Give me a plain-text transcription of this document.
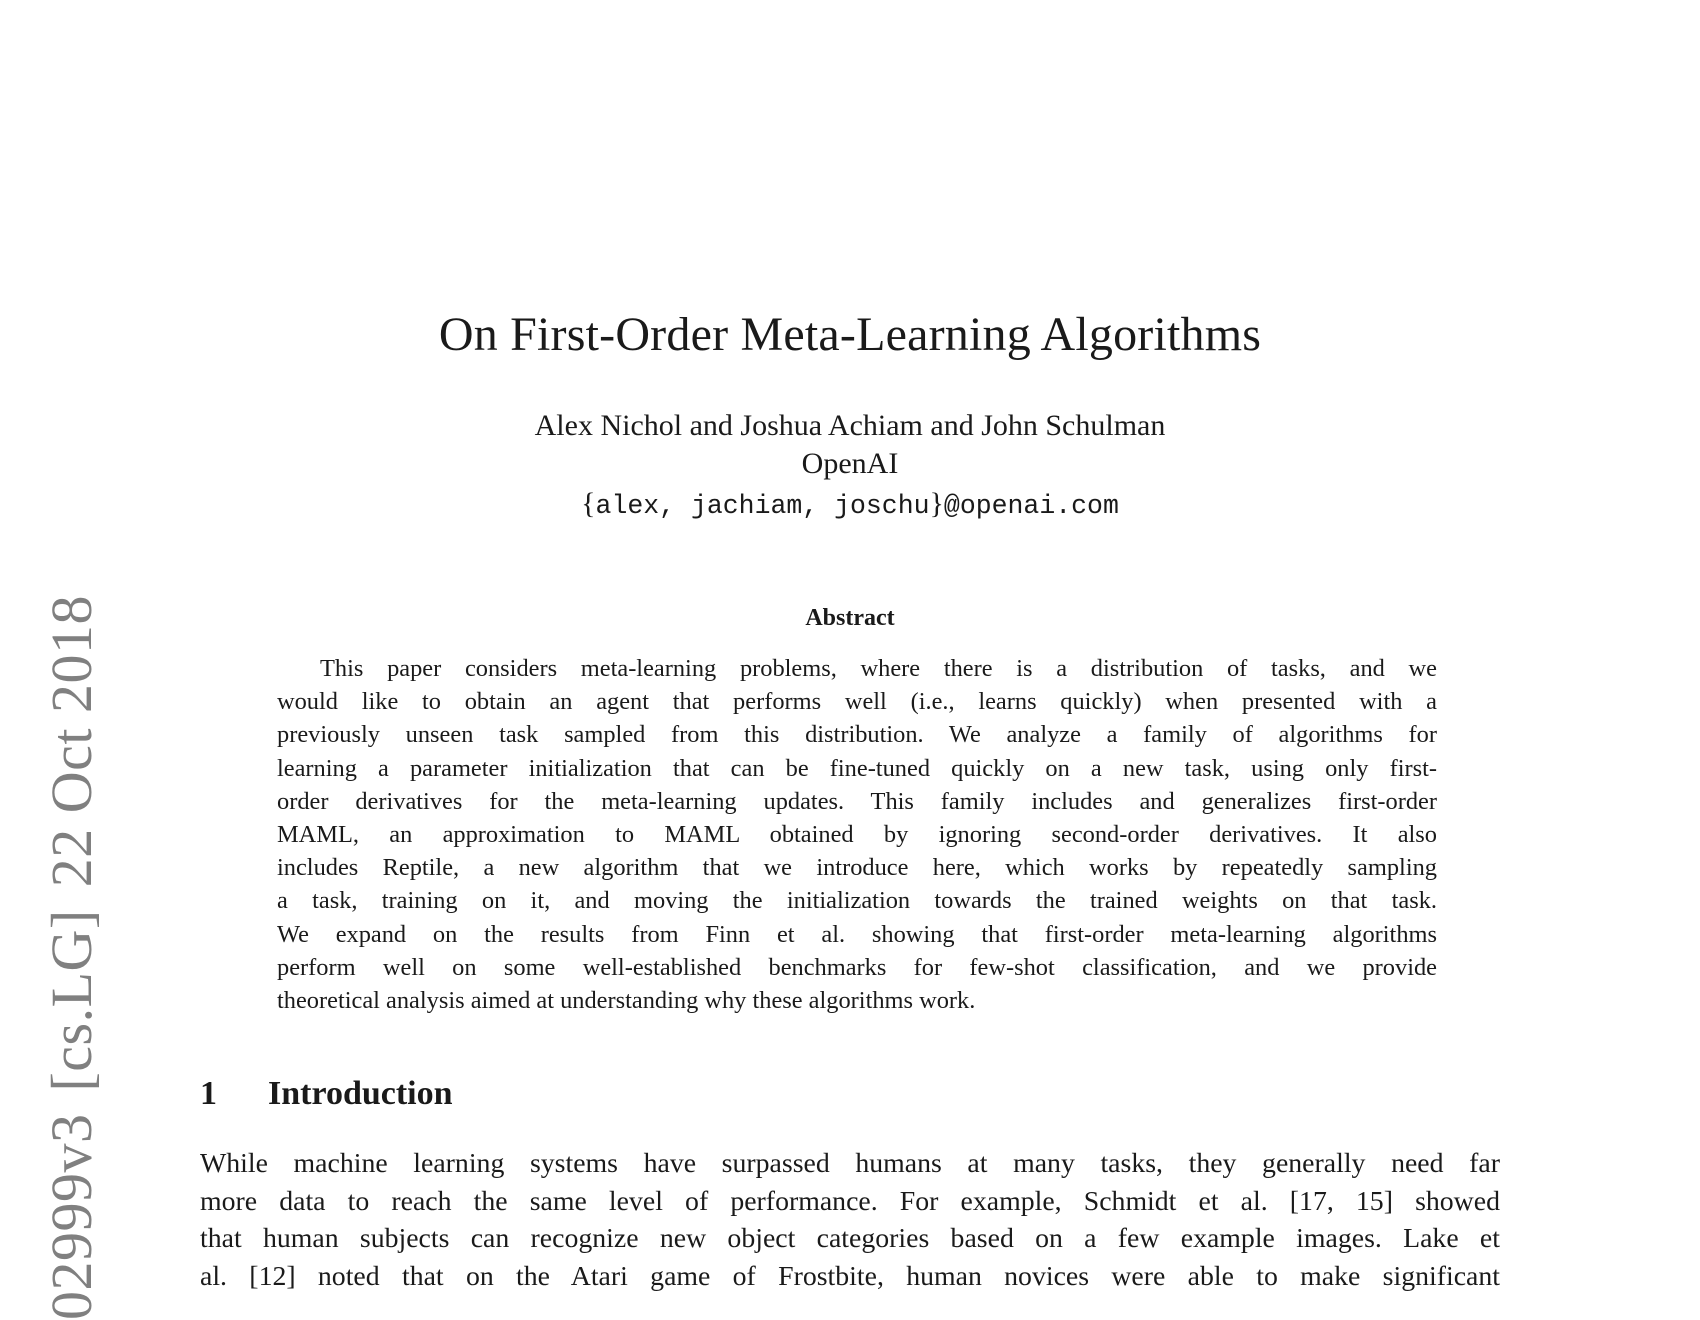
02999v3[cs.LG]22 Oct 2018
On First-Order Meta-Learning Algorithms
Alex Nichol and Joshua Achiam and John Schulman
OpenAI
{alex, jachiam, joschu}@openai.com
Abstract
This paper considers meta-learning problems, where there is a distribution of tasks, and we
would like to obtain an agent that performs well (i.e., learns quickly) when presented with a
previously unseen task sampled from this distribution. We analyze a family of algorithms for
learning a parameter initialization that can be fine-tuned quickly on a new task, using only first-
order derivatives for the meta-learning updates. This family includes and generalizes first-order
MAML, an approximation to MAML obtained by ignoring second-order derivatives. It also
includes Reptile, a new algorithm that we introduce here, which works by repeatedly sampling
a task, training on it, and moving the initialization towards the trained weights on that task.
We expand on the results from Finn et al. showing that first-order meta-learning algorithms
perform well on some well-established benchmarks for few-shot classification, and we provide
theoretical analysis aimed at understanding why these algorithms work.
1 Introduction
While machine learning systems have surpassed humans at many tasks, they generally need far
more data to reach the same level of performance. For example, Schmidt et al. [17, 15] showed
that human subjects can recognize new object categories based on a few example images. Lake et
al. [12] noted that on the Atari game of Frostbite, human novices were able to make significant
